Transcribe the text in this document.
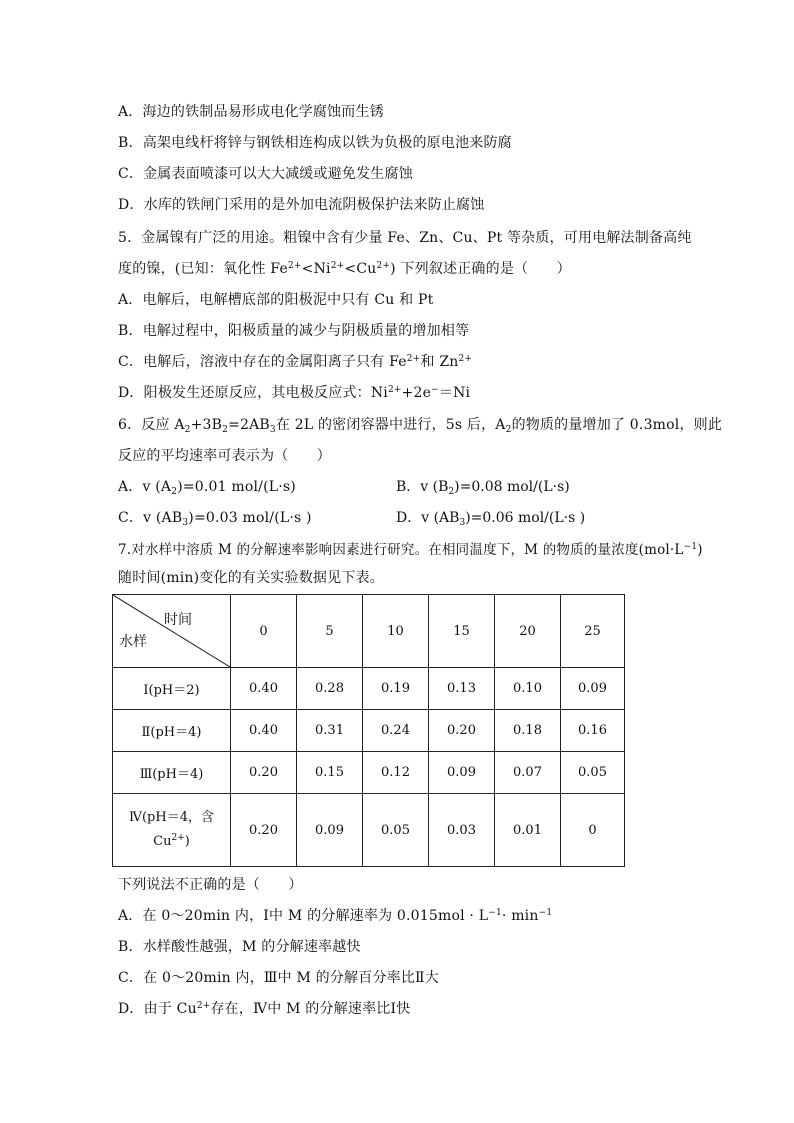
A．海边的铁制品易形成电化学腐蚀而生锈
B．高架电线杆将锌与钢铁相连构成以铁为负极的原电池来防腐
C．金属表面喷漆可以大大减缓或避免发生腐蚀
D．水库的铁闸门采用的是外加电流阴极保护法来防止腐蚀
5．金属镍有广泛的用途。粗镍中含有少量 Fe、Zn、Cu、Pt 等杂质，可用电解法制备高纯
度的镍，(已知：氧化性 $Fe^{2+}<Ni^{2+}<Cu^{2+}$) 下列叙述正确的是（　　）
A．电解后，电解槽底部的阳极泥中只有 Cu 和 Pt
B．电解过程中，阳极质量的减少与阴极质量的增加相等
C．电解后，溶液中存在的金属阳离子只有 $Fe^{2+}$和 $Zn^{2+}$
D．阳极发生还原反应，其电极反应式：$Ni^{2+}+2e^-=Ni$
6．反应 $A_2+3B_2=2AB_3$在 2L 的密闭容器中进行，5s 后，$A_2$的物质的量增加了 0.3mol，则此
反应的平均速率可表示为（　　）
A．v $(A_2)=0.01$ mol/(L·s)	B．v $(B_2)=0.08$ mol/(L·s)
C．v $(AB_3)=0.03$ mol/(L·s )	D．v $(AB_3)=0.06$ mol/(L·s )
7.对水样中溶质 M 的分解速率影响因素进行研究。在相同温度下，M 的物质的量浓度$(mol\cdot L^{-1})$
随时间(min)变化的有关实验数据见下表。
时间
水样	0	5	10	15	20	25
Ⅰ(pH＝2)	0.40	0.28	0.19	0.13	0.10	0.09
Ⅱ(pH＝4)	0.40	0.31	0.24	0.20	0.18	0.16
Ⅲ(pH＝4)	0.20	0.15	0.12	0.09	0.07	0.05
Ⅳ(pH＝4，含
$Cu^{2+}$)	0.20	0.09	0.05	0.03	0.01	0
下列说法不正确的是（　　）
A．在 0～20min 内，Ⅰ中 M 的分解速率为 $0.015mol \cdot L^{-1}\cdot \min^{-1}$
B．水样酸性越强，M 的分解速率越快
C．在 0～20min 内，Ⅲ中 M 的分解百分率比Ⅱ大
D．由于 $Cu^{2+}$存在，Ⅳ中 M 的分解速率比Ⅰ快
